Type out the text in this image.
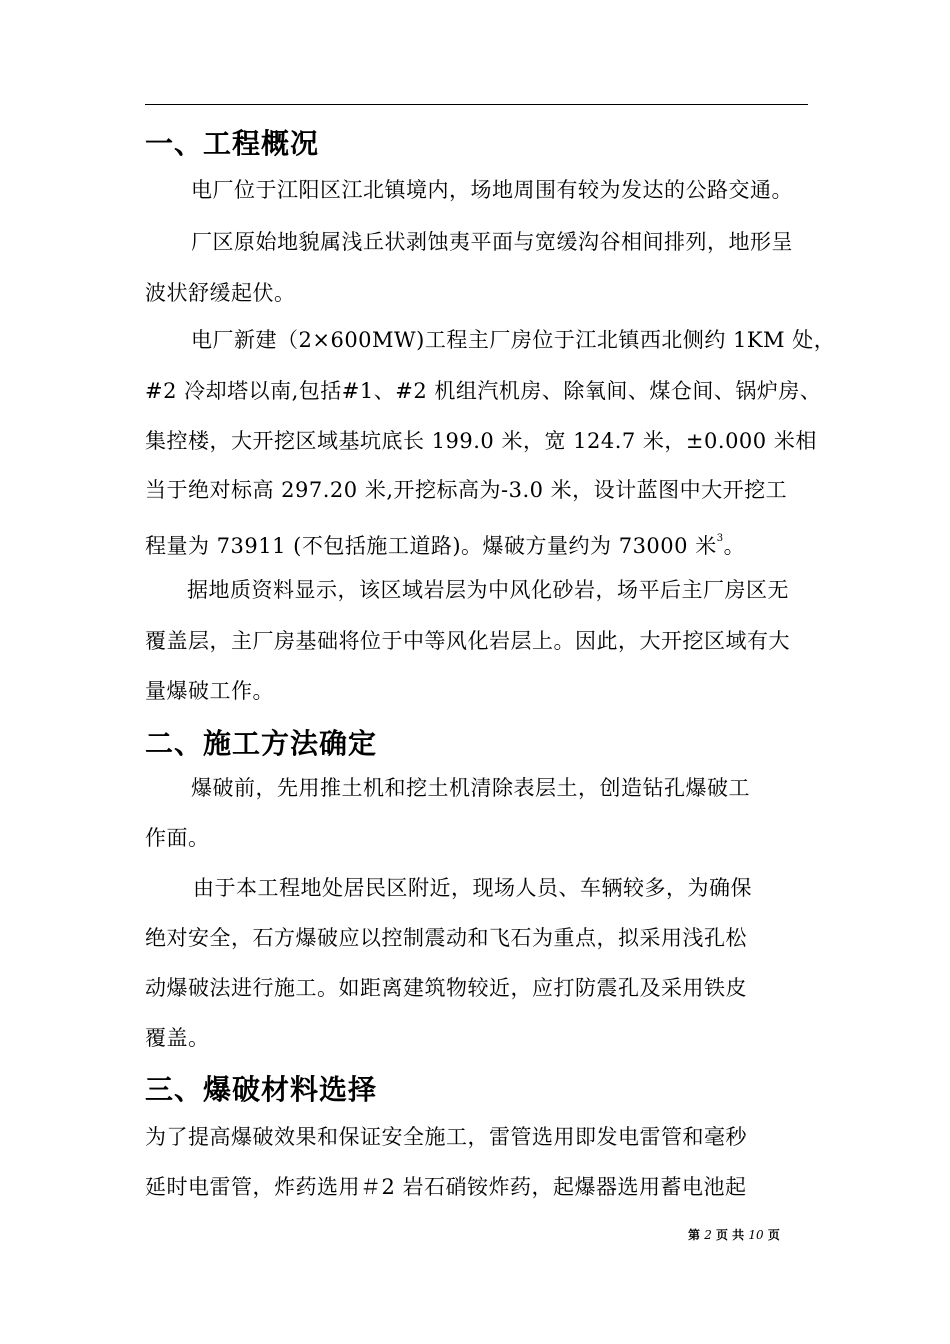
一、工程概况

电厂位于江阳区江北镇境内，场地周围有较为发达的公路交通。

厂区原始地貌属浅丘状剥蚀夷平面与宽缓沟谷相间排列，地形呈

波状舒缓起伏。

电厂新建（2×600MW)工程主厂房位于江北镇西北侧约 1KM 处，

#2 冷却塔以南,包括#1、#2 机组汽机房、除氧间、煤仓间、锅炉房、

集控楼，大开挖区域基坑底长 199.0 米，宽 124.7 米，±0.000 米相

当于绝对标高 297.20 米,开挖标高为-3.0 米，设计蓝图中大开挖工

程量为 73911 (不包括施工道路)。爆破方量约为 73000 米$^3$。

据地质资料显示，该区域岩层为中风化砂岩，场平后主厂房区无

覆盖层，主厂房基础将位于中等风化岩层上。因此，大开挖区域有大

量爆破工作。

二、施工方法确定

爆破前，先用推土机和挖土机清除表层土，创造钻孔爆破工

作面。

由于本工程地处居民区附近，现场人员、车辆较多，为确保

绝对安全，石方爆破应以控制震动和飞石为重点，拟采用浅孔松

动爆破法进行施工。如距离建筑物较近，应打防震孔及采用铁皮

覆盖。

三、爆破材料选择

为了提高爆破效果和保证安全施工，雷管选用即发电雷管和毫秒

延时电雷管，炸药选用＃2 岩石硝铵炸药，起爆器选用蓄电池起

第 2 页 共 10 页
